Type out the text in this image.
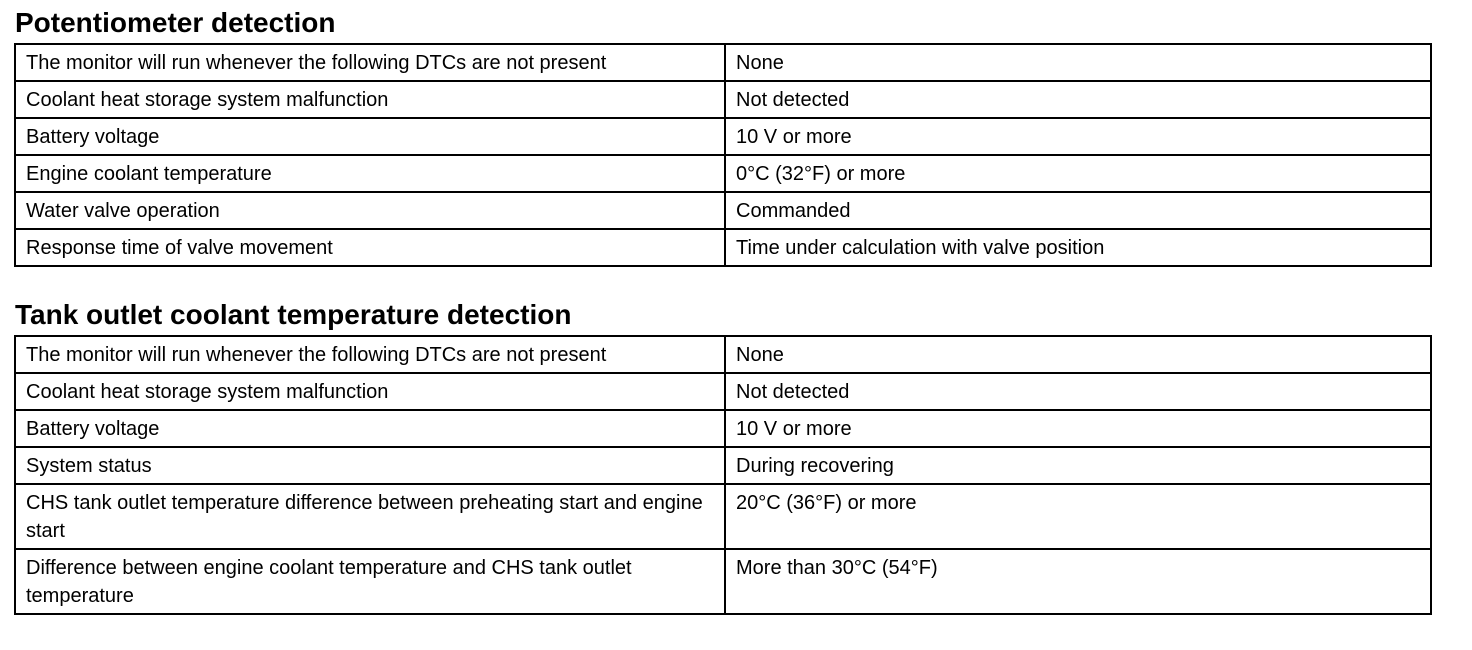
Potentiometer detection
The monitor will run whenever the following DTCs are not present	None
Coolant heat storage system malfunction	Not detected
Battery voltage	10 V or more
Engine coolant temperature	0°C (32°F) or more
Water valve operation	Commanded
Response time of valve movement	Time under calculation with valve position
Tank outlet coolant temperature detection
The monitor will run whenever the following DTCs are not present	None
Coolant heat storage system malfunction	Not detected
Battery voltage	10 V or more
System status	During recovering
CHS tank outlet temperature difference between preheating start and engine start	20°C (36°F) or more
Difference between engine coolant temperature and CHS tank outlet temperature	More than 30°C (54°F)
